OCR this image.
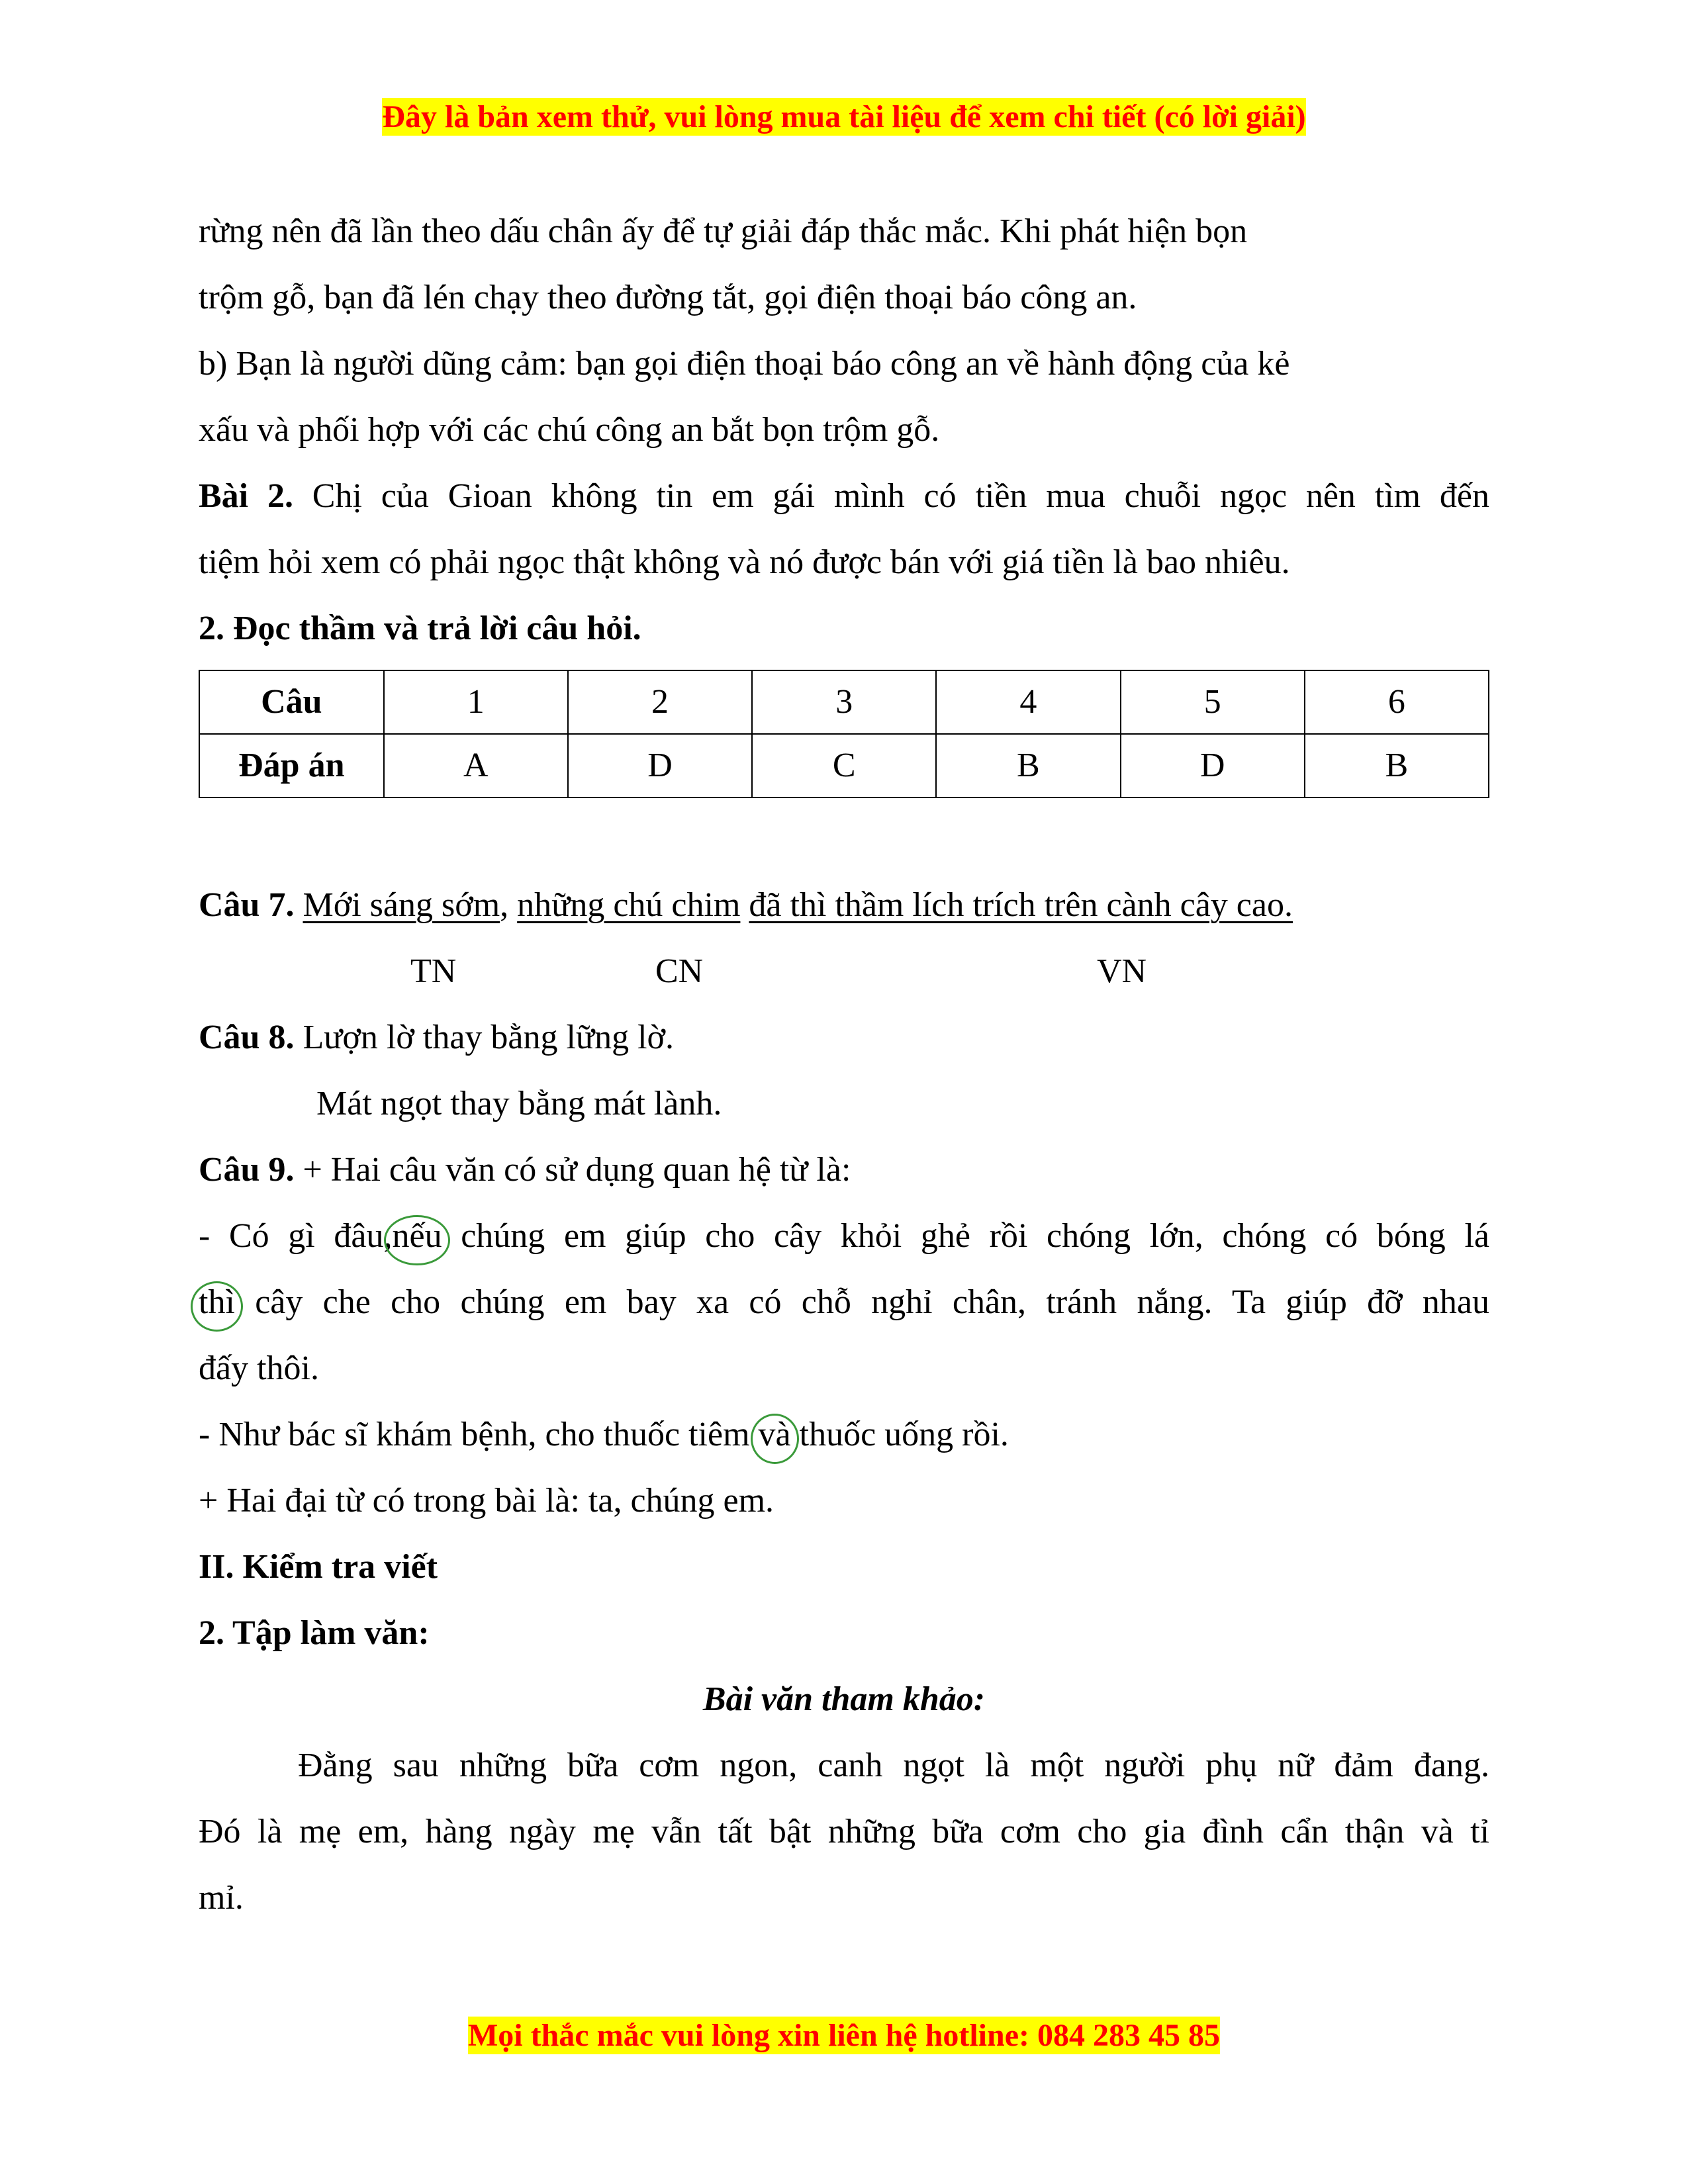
Đây là bản xem thử, vui lòng mua tài liệu để xem chi tiết (có lời giải)
rừng nên đã lần theo dấu chân ấy để tự giải đáp thắc mắc. Khi phát hiện bọn
trộm gỗ, bạn đã lén chạy theo đường tắt, gọi điện thoại báo công an.
b) Bạn là người dũng cảm: bạn gọi điện thoại báo công an về hành động của kẻ
xấu và phối hợp với các chú công an bắt bọn trộm gỗ.
Bài 2. Chị của Gioan không tin em gái mình có tiền mua chuỗi ngọc nên tìm đến
tiệm hỏi xem có phải ngọc thật không và nó được bán với giá tiền là bao nhiêu.
2. Đọc thầm và trả lời câu hỏi.
Câu	1	2	3	4	5	6
Đáp án	A	D	C	B	D	B
Câu 7. Mới sáng sớm, những chú chim đã thì thầm lích trích trên cành cây cao.
TN	CN	VN
Câu 8. Lượn lờ thay bằng lững lờ.
Mát ngọt thay bằng mát lành.
Câu 9. + Hai câu văn có sử dụng quan hệ từ là:
- Có gì đâu,nếu chúng em giúp cho cây khỏi ghẻ rồi chóng lớn, chóng có bóng lá
thì cây che cho chúng em bay xa có chỗ nghỉ chân, tránh nắng. Ta giúp đỡ nhau
đấy thôi.
- Như bác sĩ khám bệnh, cho thuốc tiêm và thuốc uống rồi.
+ Hai đại từ có trong bài là: ta, chúng em.
II. Kiểm tra viết
2. Tập làm văn:
Bài văn tham khảo:
Đằng sau những bữa cơm ngon, canh ngọt là một người phụ nữ đảm đang.
Đó là mẹ em, hàng ngày mẹ vẫn tất bật những bữa cơm cho gia đình cẩn thận và tỉ
mỉ.
Mọi thắc mắc vui lòng xin liên hệ hotline: 084 283 45 85
